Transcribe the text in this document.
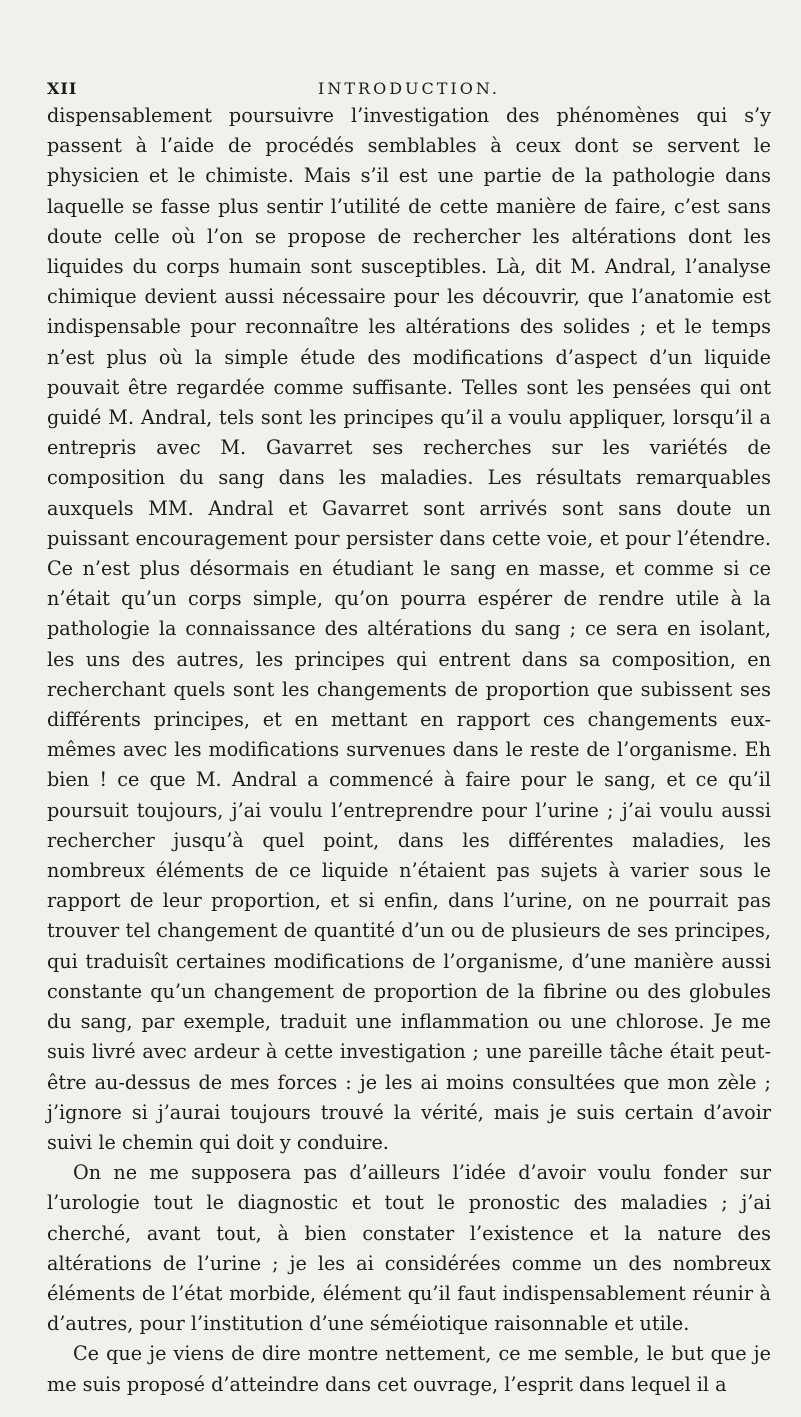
XII	INTRODUCTION.

dispensablement poursuivre l’investigation des phénomènes qui s’y passent à l’aide de procédés semblables à ceux dont se servent le physicien et le chimiste. Mais s’il est une partie de la pathologie dans laquelle se fasse plus sentir l’utilité de cette manière de faire, c’est sans doute celle où l’on se propose de rechercher les altérations dont les liquides du corps humain sont susceptibles. Là, dit M. Andral, l’analyse chimique devient aussi nécessaire pour les découvrir, que l’anatomie est indispensable pour reconnaître les altérations des solides ; et le temps n’est plus où la simple étude des modifications d’aspect d’un liquide pouvait être regardée comme suffisante. Telles sont les pensées qui ont guidé M. Andral, tels sont les principes qu’il a voulu appliquer, lorsqu’il a entrepris avec M. Gavarret ses recherches sur les variétés de composition du sang dans les maladies. Les résultats remarquables auxquels MM. Andral et Gavarret sont arrivés sont sans doute un puissant encouragement pour persister dans cette voie, et pour l’étendre. Ce n’est plus désormais en étudiant le sang en masse, et comme si ce n’était qu’un corps simple, qu’on pourra espérer de rendre utile à la pathologie la connaissance des altérations du sang ; ce sera en isolant, les uns des autres, les principes qui entrent dans sa composition, en recherchant quels sont les changements de proportion que subissent ses différents principes, et en mettant en rapport ces changements eux-mêmes avec les modifications survenues dans le reste de l’organisme. Eh bien ! ce que M. Andral a commencé à faire pour le sang, et ce qu’il poursuit toujours, j’ai voulu l’entreprendre pour l’urine ; j’ai voulu aussi rechercher jusqu’à quel point, dans les différentes maladies, les nombreux éléments de ce liquide n’étaient pas sujets à varier sous le rapport de leur proportion, et si enfin, dans l’urine, on ne pourrait pas trouver tel changement de quantité d’un ou de plusieurs de ses principes, qui traduisît certaines modifications de l’organisme, d’une manière aussi constante qu’un changement de proportion de la fibrine ou des globules du sang, par exemple, traduit une inflammation ou une chlorose. Je me suis livré avec ardeur à cette investigation ; une pareille tâche était peut-être au-dessus de mes forces : je les ai moins consultées que mon zèle ; j’ignore si j’aurai toujours trouvé la vérité, mais je suis certain d’avoir suivi le chemin qui doit y conduire.

On ne me supposera pas d’ailleurs l’idée d’avoir voulu fonder sur l’urologie tout le diagnostic et tout le pronostic des maladies ; j’ai cherché, avant tout, à bien constater l’existence et la nature des altérations de l’urine ; je les ai considérées comme un des nombreux éléments de l’état morbide, élément qu’il faut indispensablement réunir à d’autres, pour l’institution d’une séméiotique raisonnable et utile.

Ce que je viens de dire montre nettement, ce me semble, le but que je me suis proposé d’atteindre dans cet ouvrage, l’esprit dans lequel il a
